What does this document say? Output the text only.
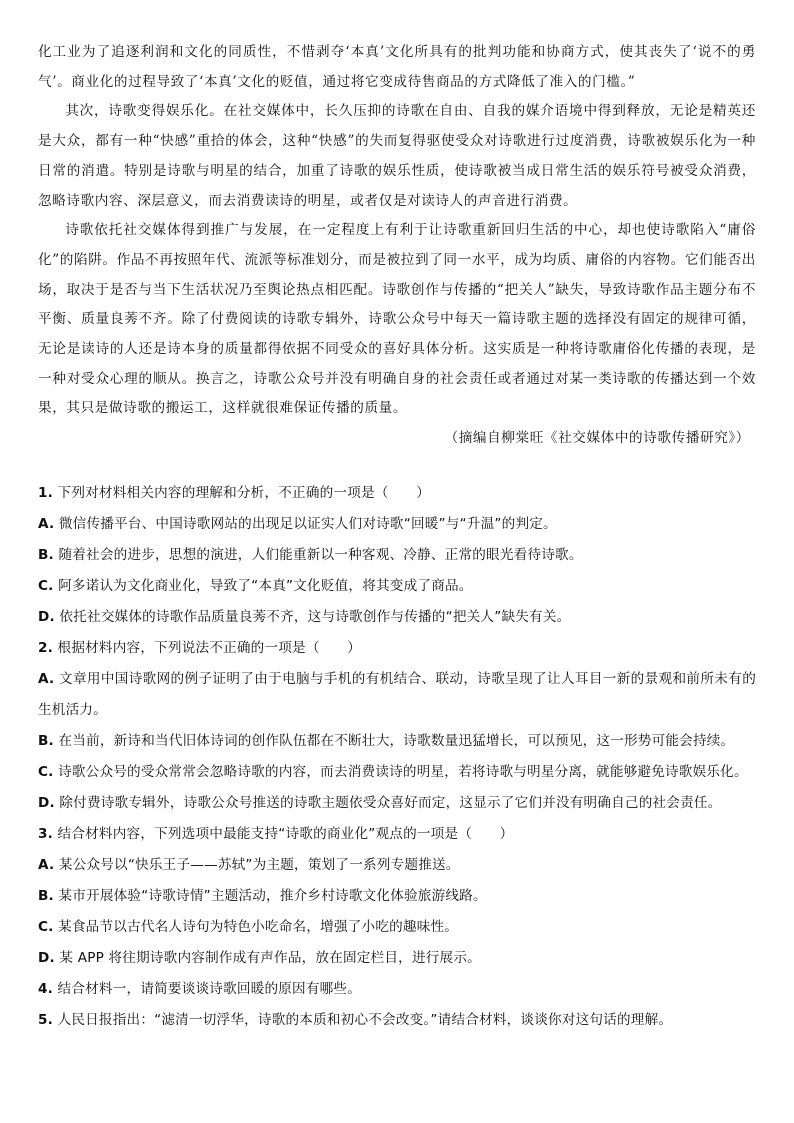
化工业为了追逐利润和文化的同质性，不惜剥夺‘本真’文化所具有的批判功能和协商方式，使其丧失了‘说不的勇气’。商业化的过程导致了‘本真’文化的贬值，通过将它变成待售商品的方式降低了准入的门槛。”

其次，诗歌变得娱乐化。在社交媒体中，长久压抑的诗歌在自由、自我的媒介语境中得到释放，无论是精英还是大众，都有一种“快感”重拾的体会，这种“快感”的失而复得驱使受众对诗歌进行过度消费，诗歌被娱乐化为一种日常的消遣。特别是诗歌与明星的结合，加重了诗歌的娱乐性质，使诗歌被当成日常生活的娱乐符号被受众消费，忽略诗歌内容、深层意义，而去消费读诗的明星，或者仅是对读诗人的声音进行消费。

诗歌依托社交媒体得到推广与发展，在一定程度上有利于让诗歌重新回归生活的中心，却也使诗歌陷入“庸俗化”的陷阱。作品不再按照年代、流派等标准划分，而是被拉到了同一水平，成为均质、庸俗的内容物。它们能否出场，取决于是否与当下生活状况乃至舆论热点相匹配。诗歌创作与传播的“把关人”缺失，导致诗歌作品主题分布不平衡、质量良莠不齐。除了付费阅读的诗歌专辑外，诗歌公众号中每天一篇诗歌主题的选择没有固定的规律可循，无论是读诗的人还是诗本身的质量都得依据不同受众的喜好具体分析。这实质是一种将诗歌庸俗化传播的表现，是一种对受众心理的顺从。换言之，诗歌公众号并没有明确自身的社会责任或者通过对某一类诗歌的传播达到一个效果，其只是做诗歌的搬运工，这样就很难保证传播的质量。

（摘编自柳棠旺《社交媒体中的诗歌传播研究》）

1. 下列对材料相关内容的理解和分析，不正确的一项是（　　）

A. 微信传播平台、中国诗歌网站的出现足以证实人们对诗歌“回暖”与“升温”的判定。

B. 随着社会的进步，思想的演进，人们能重新以一种客观、冷静、正常的眼光看待诗歌。

C. 阿多诺认为文化商业化，导致了“本真”文化贬值，将其变成了商品。

D. 依托社交媒体的诗歌作品质量良莠不齐，这与诗歌创作与传播的“把关人”缺失有关。

2. 根据材料内容，下列说法不正确的一项是（　　）

A. 文章用中国诗歌网的例子证明了由于电脑与手机的有机结合、联动，诗歌呈现了让人耳目一新的景观和前所未有的生机活力。

B. 在当前，新诗和当代旧体诗词的创作队伍都在不断壮大，诗歌数量迅猛增长，可以预见，这一形势可能会持续。

C. 诗歌公众号的受众常常会忽略诗歌的内容，而去消费读诗的明星，若将诗歌与明星分离，就能够避免诗歌娱乐化。

D. 除付费诗歌专辑外，诗歌公众号推送的诗歌主题依受众喜好而定，这显示了它们并没有明确自己的社会责任。

3. 结合材料内容，下列选项中最能支持“诗歌的商业化”观点的一项是（　　）

A. 某公众号以“快乐王子——苏轼”为主题，策划了一系列专题推送。

B. 某市开展体验“诗歌诗情”主题活动，推介乡村诗歌文化体验旅游线路。

C. 某食品节以古代名人诗句为特色小吃命名，增强了小吃的趣味性。

D. 某 APP 将往期诗歌内容制作成有声作品，放在固定栏目，进行展示。

4. 结合材料一，请简要谈谈诗歌回暖的原因有哪些。

5. 人民日报指出：“滤清一切浮华，诗歌的本质和初心不会改变。”请结合材料，谈谈你对这句话的理解。
